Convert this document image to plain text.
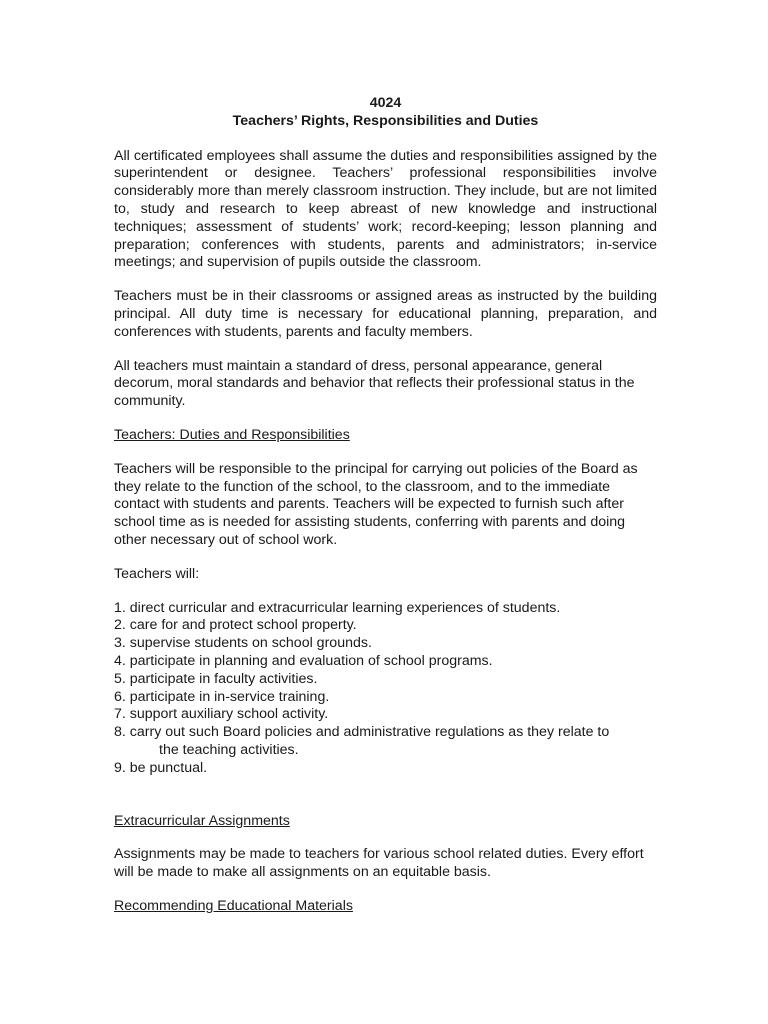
4024
Teachers’ Rights, Responsibilities and Duties

All certificated employees shall assume the duties and responsibilities assigned by the superintendent or designee. Teachers’ professional responsibilities involve considerably more than merely classroom instruction. They include, but are not limited to, study and research to keep abreast of new knowledge and instructional techniques; assessment of students’ work; record-keeping; lesson planning and preparation; conferences with students, parents and administrators; in-service meetings; and supervision of pupils outside the classroom.

Teachers must be in their classrooms or assigned areas as instructed by the building principal. All duty time is necessary for educational planning, preparation, and conferences with students, parents and faculty members.

All teachers must maintain a standard of dress, personal appearance, general decorum, moral standards and behavior that reflects their professional status in the community.

Teachers: Duties and Responsibilities

Teachers will be responsible to the principal for carrying out policies of the Board as they relate to the function of the school, to the classroom, and to the immediate contact with students and parents. Teachers will be expected to furnish such after school time as is needed for assisting students, conferring with parents and doing other necessary out of school work.

Teachers will:

1. direct curricular and extracurricular learning experiences of students.
2. care for and protect school property.
3. supervise students on school grounds.
4. participate in planning and evaluation of school programs.
5. participate in faculty activities.
6. participate in in-service training.
7. support auxiliary school activity.
8. carry out such Board policies and administrative regulations as they relate to
the teaching activities.
9. be punctual.
Extracurricular Assignments

Assignments may be made to teachers for various school related duties. Every effort will be made to make all assignments on an equitable basis.

Recommending Educational Materials
